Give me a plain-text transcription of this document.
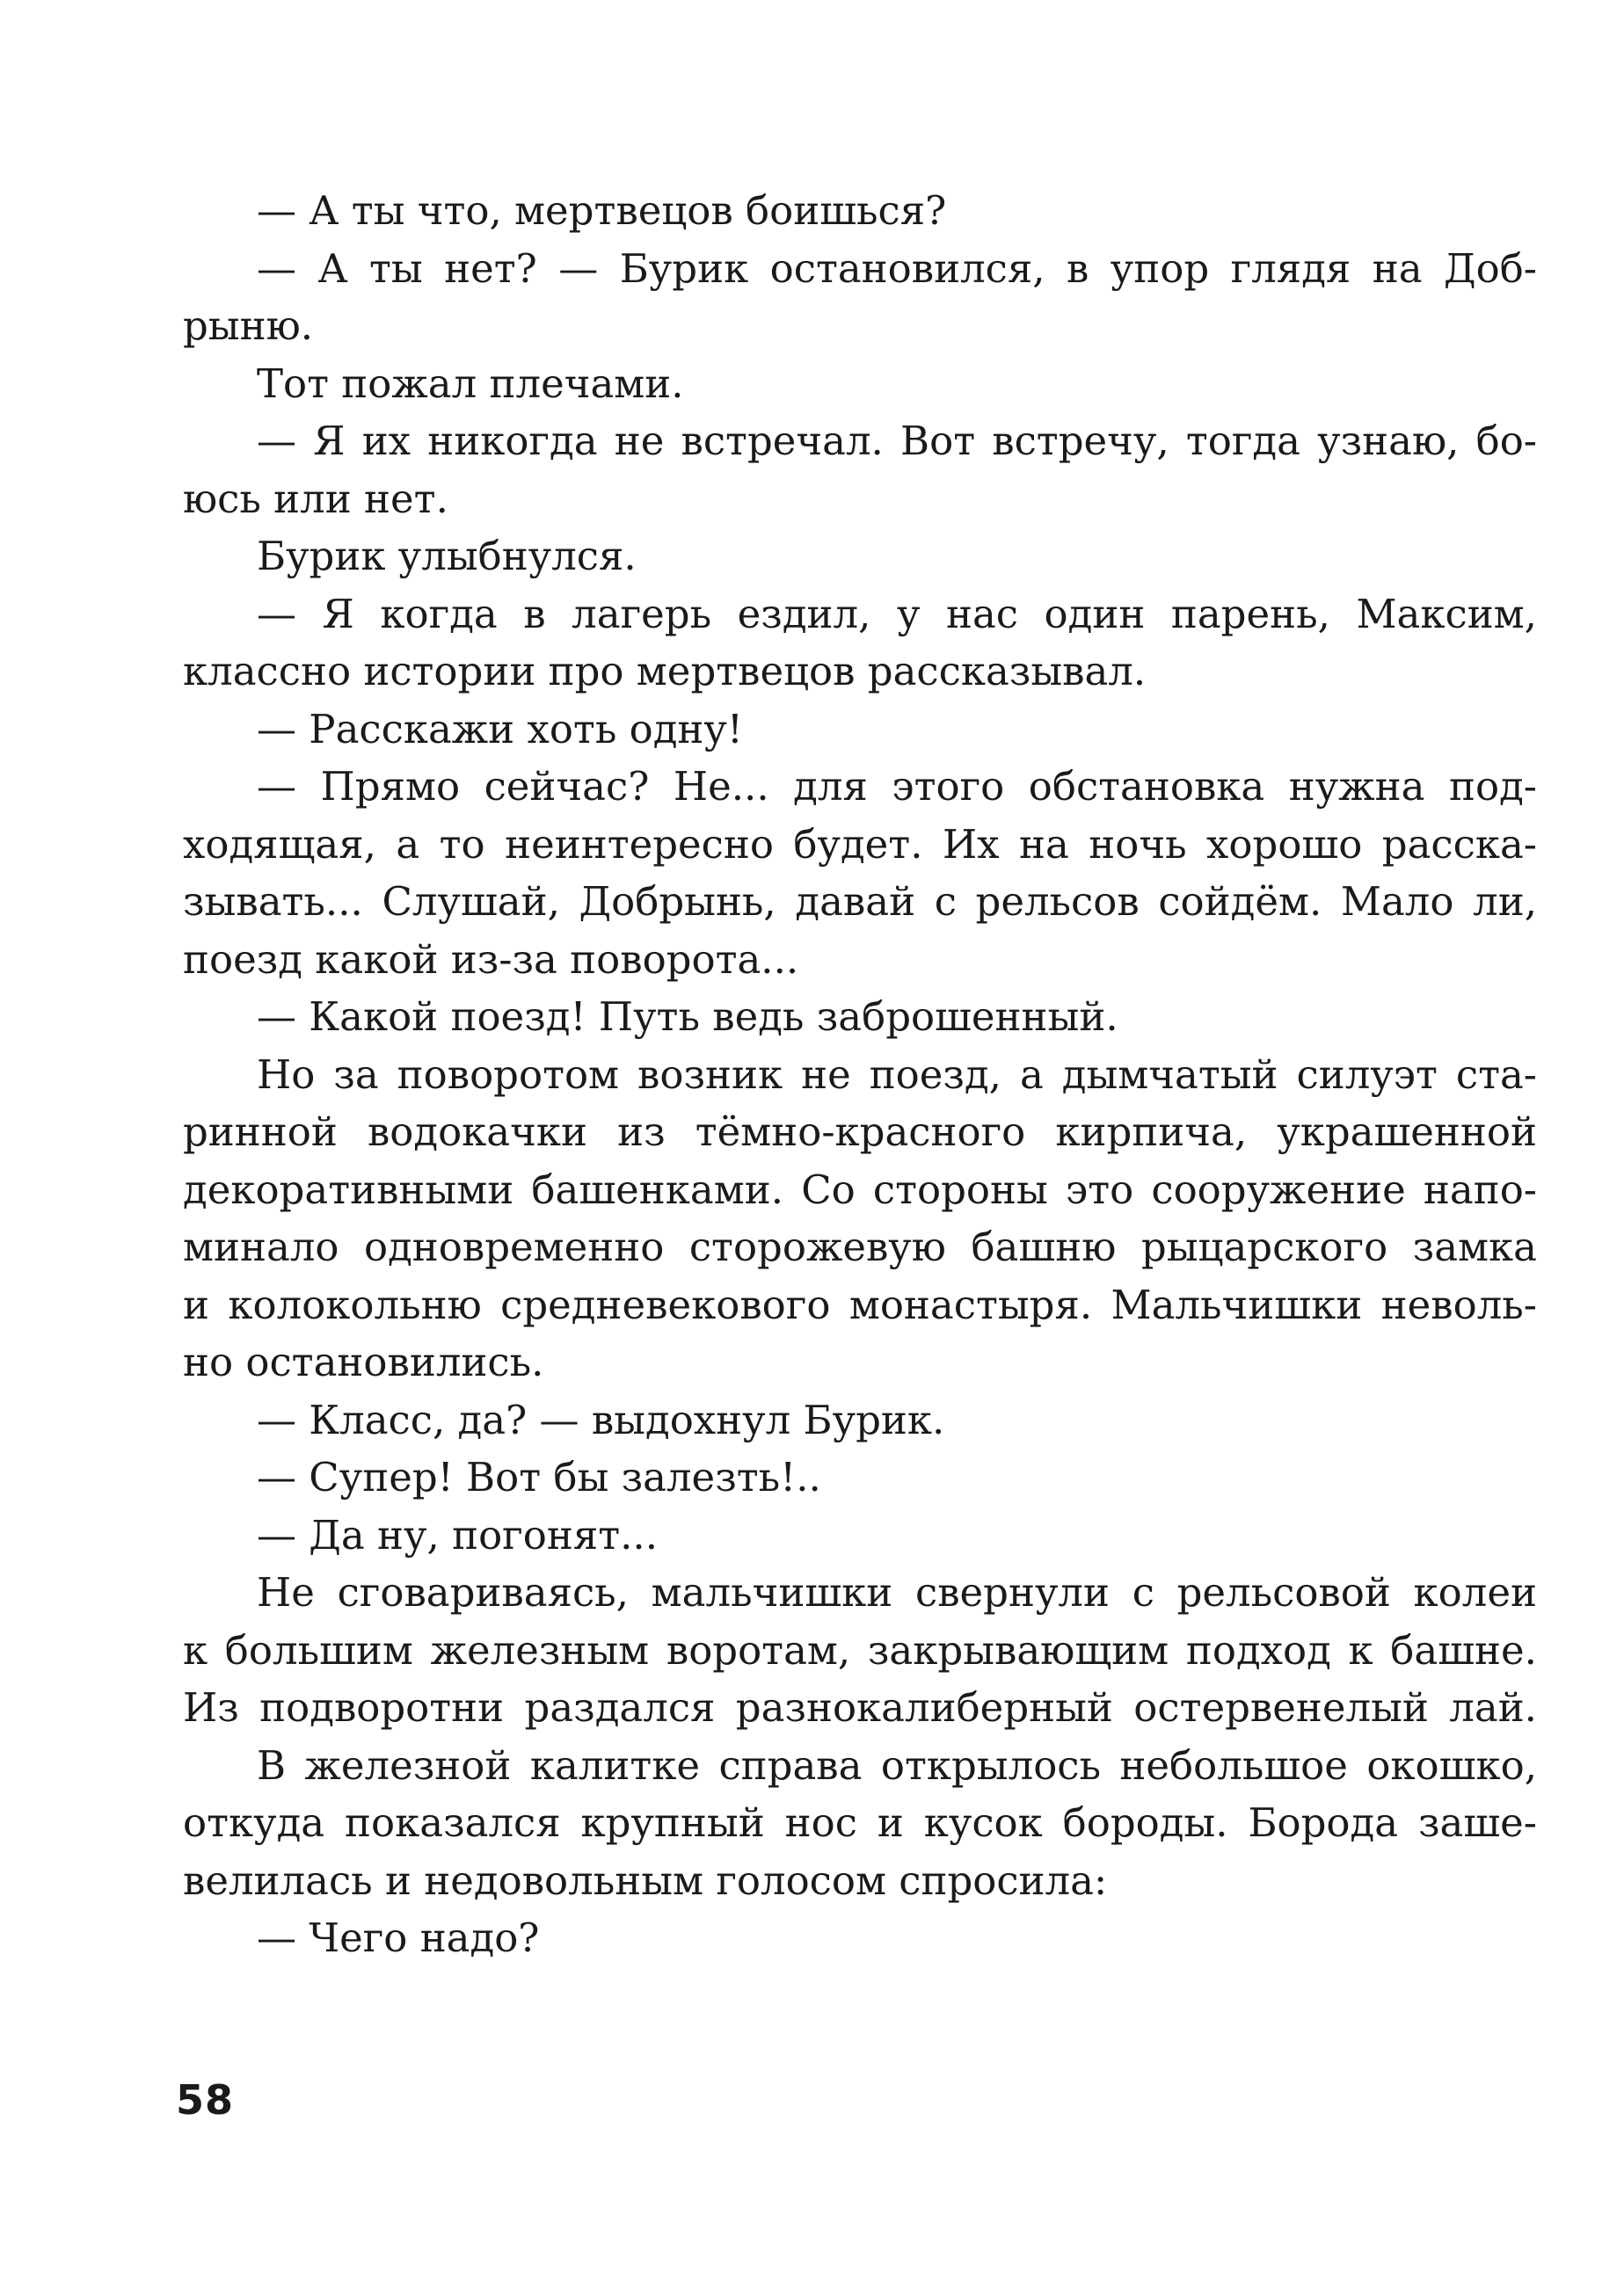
— А ты что, мертвецов боишься?
— А ты нет? — Бурик остановился, в упор глядя на Доб-
рыню.
Тот пожал плечами.
— Я их никогда не встречал. Вот встречу, тогда узнаю, бо-
юсь или нет.
Бурик улыбнулся.
— Я когда в лагерь ездил, у нас один парень, Максим,
классно истории про мертвецов рассказывал.
— Расскажи хоть одну!
— Прямо сейчас? Не... для этого обстановка нужна под-
ходящая, а то неинтересно будет. Их на ночь хорошо расска-
зывать... Слушай, Добрынь, давай с рельсов сойдём. Мало ли,
поезд какой из-за поворота...
— Какой поезд! Путь ведь заброшенный.
Но за поворотом возник не поезд, а дымчатый силуэт ста-
ринной водокачки из тёмно-красного кирпича, украшенной
декоративными башенками. Со стороны это сооружение напо-
минало одновременно сторожевую башню рыцарского замка
и колокольню средневекового монастыря. Мальчишки неволь-
но остановились.
— Класс, да? — выдохнул Бурик.
— Супер! Вот бы залезть!..
— Да ну, погонят...
Не сговариваясь, мальчишки свернули с рельсовой колеи
к большим железным воротам, закрывающим подход к башне.
Из подворотни раздался разнокалиберный остервенелый лай.
В железной калитке справа открылось небольшое окошко,
откуда показался крупный нос и кусок бороды. Борода заше-
велилась и недовольным голосом спросила:
— Чего надо?
58
